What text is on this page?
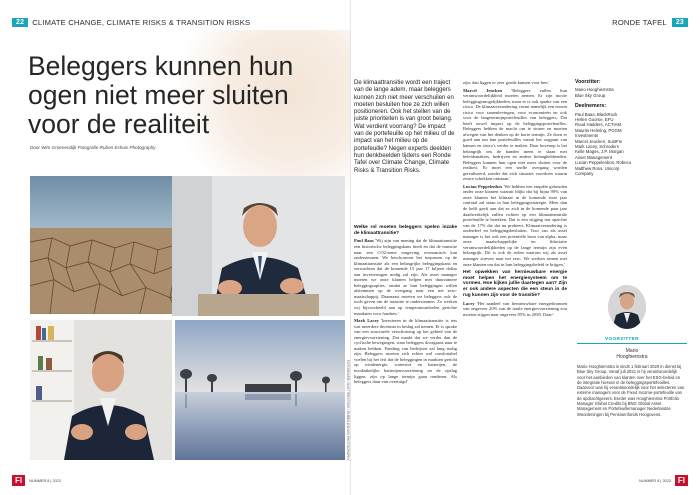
22	CLIMATE CHANGE, CLIMATE RISKS & TRANSITION RISKS
Beleggers kunnen hun
ogen niet meer sluiten
voor de realiteit
Door Wim Groenendijk Fotografie Ruben Eshuis Photography
FOTOGRAFIE: SHUTTERSTOCK / RUBEN ESHUIS PHOTOGRAPHY
FI	NUMMER 8 | 2023
RONDE TAFEL	23
De klimaattransitie wordt een traject van de lange adem, maar beleggers kunnen zich niet meer verschuilen en moeten besluiten hoe ze zich willen positioneren. Ook het stellen van de juiste prioriteiten is van groot belang. Wat verdient voorrang? De impact van de portefeuille op het milieu of de impact van het milieu op de portefeuille? Negen experts deelden hun denkbeelden tijdens een Ronde Tafel over Climate Change, Climate Risks & Transition Risks.

Welke rol moeten beleggers spelen inzake de klimaattransitie?

Paul Baas 'Wij zijn van mening dat de klimaattransitie een historische beleggingskans biedt en dat de transitie naar een CO2-arme omgeving economisch kan ondersteunen. We beschouwen het toepassen op de klimaattransitie als een belangrijke beleggingskans en verwachten dat de komende 15 jaar 17 biljoen dollar aan investeringen nodig zal zijn. Als asset manager moeten we onze klanten helpen met duurzamere beleggingsopties, omdat ze hun beleggingen willen afstemmen op de overgang naar een net zero-maatschappij. Daarnaast moeten we beleggers ook de tools geven om de transitie te ondersteunen. Zo werken wij bijvoorbeeld aan op temperatuurdoelen gerichte mandaten voor fondsen.'

Mark Lacey 'Investeren in de klimaattransitie is iets wat meerdere decennia in beslag zal nemen. Er is sprake van een structurele verschuiving op het gebied van de energievoorziening. Dat maakt dat we verder dan de cyclische bewegingen, waar beleggers doorgaans naar te maken hebben. Funding van bedrijven zal lang nodig zijn. Beleggers moeten zich echter wel comfortabel voelen bij het feit dat de beleggingen in markten gericht op windenergie, waterstof en batterijen, de noodzakelijke batterijenvoorziening en de opslag liggen, zijn op lange termijn gaan renderen. Als beleggers daar van overtuigd'

zijn, dan liggen er zeer goede kansen voor hen.'

Marcel Jeucken 'Beleggers zullen hun verantwoordelijkheid moeten nemen. Er zijn mooie beleggingsmogelijkheden, maar er is ook sprake van een risico. De klimaatverandering vormt namelijk een enorm risico voor samenlevingen, voor economieën en ook voor de langetermijnportefeuilles van beleggers. Dat heeft zowel impact op de beleggingsportefeuilles. Beleggers hebben de macht om te sturen en moeten afwegen van het denken op de korte termijn. Ze doen er goed aan om hun portefeuilles vanuit het oogpunt van kansen en risico's verder te maken. Daar bovenop is het belangrijk om de handen ineen te slaan met beleidsmakers, bedrijven en andere belanghebbenden. Beleggers kunnen hun ogen niet meer sluiten voor de realiteit. Er moet een snelle overgang worden gerealiseerd, zonder dat zich situaties voordoen waarin zware schokken ontstaan.'

Lucian Peppelenbos 'We hebben een enquête gehouden onder onze klanten waaruit blijkt dat bij bijna 90% van onze klanten het klimaat in de komende twee jaar centraal zal staan in hun beleggingsstrategie. Meer dan de helft geeft aan dat ze zich in de komende paar jaar daadwerkelijk zullen richten op een klimaatneutrale portefeuille te bereiken. Dat is een stijging ten opzichte van de 17% die dat nu probeert. Klimaatverandering is onderdeel en beleggingsbesluiten. Voor ons als asset manager is het ook een potentiële bron van alpha, maar onze maatschappelijke en fiduciaire verantwoordelijkheden op de lange termijn zijn even belangrijk. Dit is ook de reden waarom wij als asset manager streven naar net zero. We werken samen met onze klanten om dat in hun beleggingsbeleid te krijgen.'

Het opwekken van hernieuwbare energie moet helpen het energiesysteem om te vormen. Hoe kijken jullie daartegen aan? Zijn er ook andere aspecten die een steun in de rug kunnen zijn voor de transitie?

Lacey 'Het aandeel van hernieuwbare energiebronnen van ongeveer 20% van de totale energievoorziening zou moeten stijgen naar ongeveer 85% in 2050. Daar-'

Voorzitter:
Mario Hooghiemstra
Blue Sky Group
Deelnemers:
Paul Baas, BlackRock
Hellen Goorse, EFU
Ruud Hadders, ACTIAM
Maurits Helmlng, PGGM
Investments
Marcel Jeucken, SustFin
Mark Lacey, Schroders
Kelle Mages, J.P. Morgan
Asset Management
Lucian Peppelenbos, Robeco
Matthew Ross, Unicorp
Company
VOORZITTER
Mario
Hooghiemstra
Mario Hooghiemstra is sinds 1 februari 2020 in dienst bij Blue Sky Group. Vanaf juli 2021 is hij verantwoordelijk voor het aanbieden van klanten over het ESG-beleid en de integratie hiervan in de beleggingsportefeuilles. Daarvoor was hij verantwoordelijk voor het selecteren van externe managers voor de Fixed Income-portefeuille van de opdrachtgevers. Eerder was Hooghiemstra Portfolio Manager Global Credits bij BNG Global Asset Management en Portefeuillemanager Nederlandse Woonleningen bij Pensioenfonds Hoogovens.
NUMMER 8 | 2023 FI
